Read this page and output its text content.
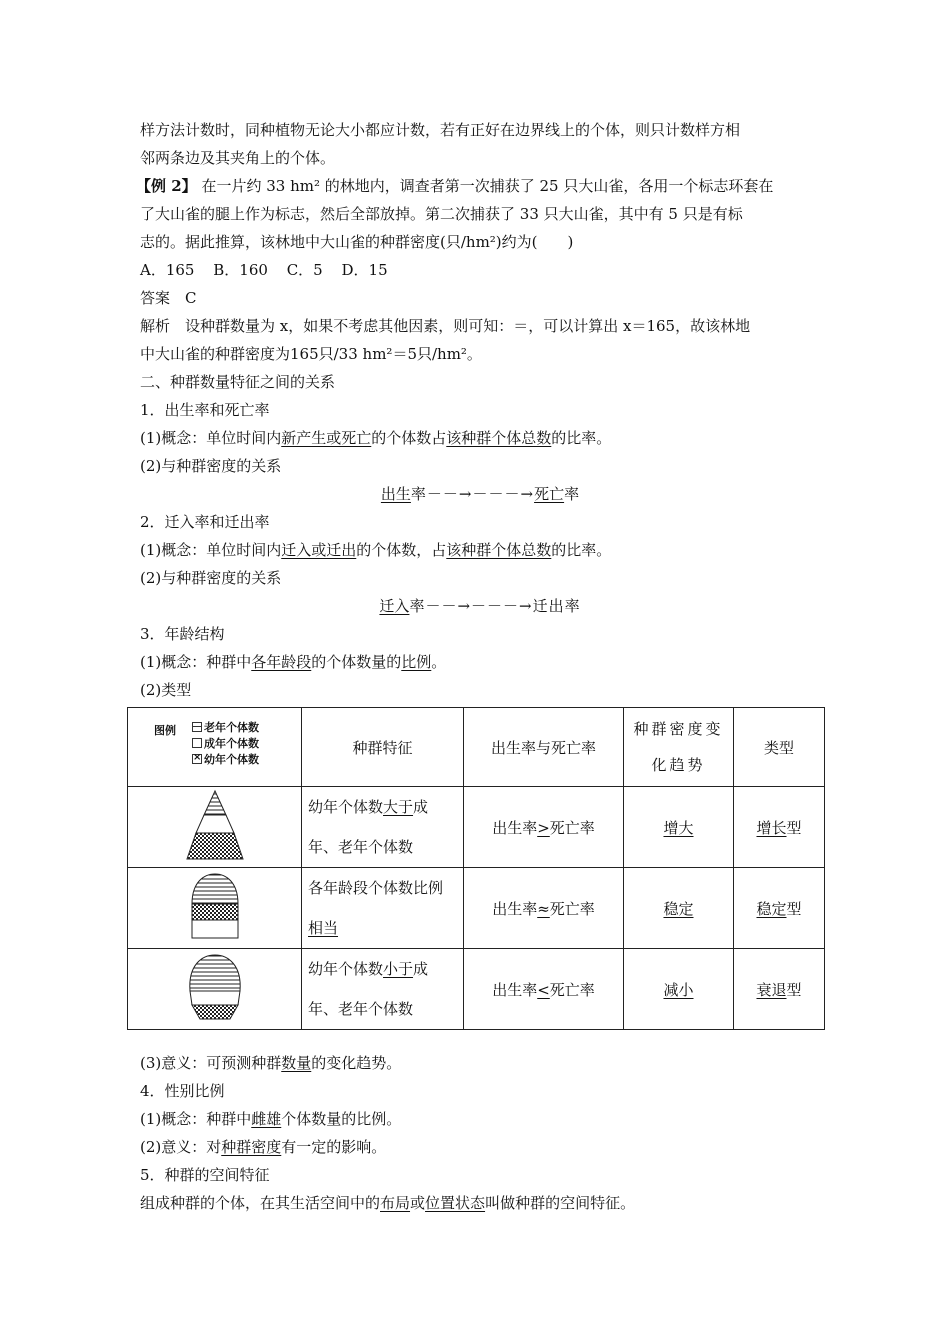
样方法计数时，同种植物无论大小都应计数，若有正好在边界线上的个体，则只计数样方相
邻两条边及其夹角上的个体。
【例 2】 在一片约 33 hm² 的林地内，调查者第一次捕获了 25 只大山雀，各用一个标志环套在
了大山雀的腿上作为标志，然后全部放掉。第二次捕获了 33 只大山雀，其中有 5 只是有标
志的。据此推算，该林地中大山雀的种群密度(只/hm²)约为(　　)
A．165 B．160 C．5 D．15
答案　C
解析　设种群数量为 x，如果不考虑其他因素，则可知：＝，可以计算出 x＝165，故该林地
中大山雀的种群密度为165只/33 hm²＝5只/hm²。
二、种群数量特征之间的关系
1．出生率和死亡率
(1)概念：单位时间内新产生或死亡的个体数占该种群个体总数的比率。
(2)与种群密度的关系
出生率－－→－－－→死亡率
2．迁入率和迁出率
(1)概念：单位时间内迁入或迁出的个体数，占该种群个体总数的比率。
(2)与种群密度的关系
迁入率－－→－－－→迁出率
3．年龄结构
(1)概念：种群中各年龄段的个体数量的比例。
(2)类型
图例 老年个体数
成年个体数
×幼年个体数	种群特征	出生率与死亡率	种群密度变化趋势	类型
	幼年个体数大于成年、老年个体数	出生率>死亡率	增大	增长型
	各年龄段个体数比例相当	出生率≈死亡率	稳定	稳定型
	幼年个体数小于成年、老年个体数	出生率<死亡率	减小	衰退型
(3)意义：可预测种群数量的变化趋势。
4．性别比例
(1)概念：种群中雌雄个体数量的比例。
(2)意义：对种群密度有一定的影响。
5．种群的空间特征
组成种群的个体，在其生活空间中的布局或位置状态叫做种群的空间特征。
